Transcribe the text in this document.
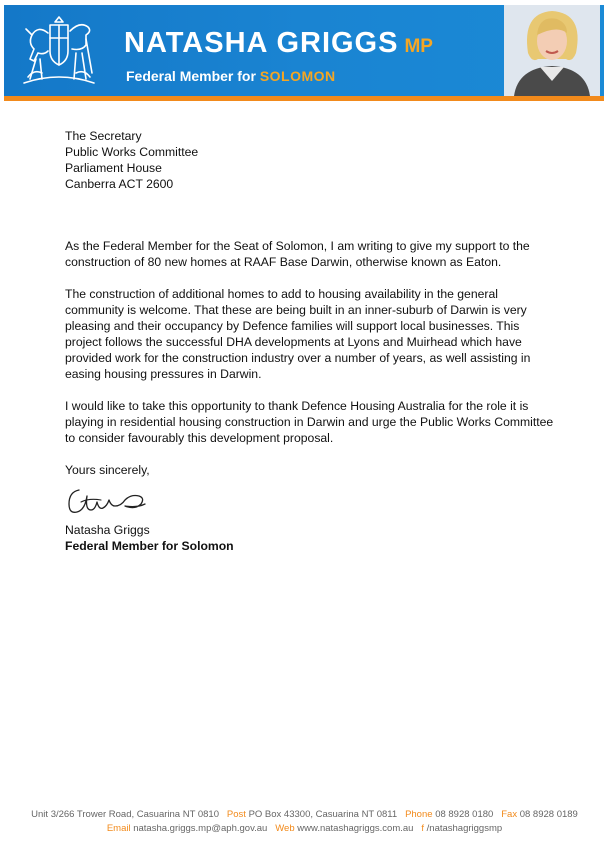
NATASHA GRIGGS MP
Federal Member for SOLOMON
The Secretary
Public Works Committee
Parliament House
Canberra ACT 2600

As the Federal Member for the Seat of Solomon, I am writing to give my support to the construction of 80 new homes at RAAF Base Darwin, otherwise known as Eaton.

The construction of additional homes to add to housing availability in the general community is welcome. That these are being built in an inner-suburb of Darwin is very pleasing and their occupancy by Defence families will support local businesses. This project follows the successful DHA developments at Lyons and Muirhead which have provided work for the construction industry over a number of years, as well assisting in easing housing pressures in Darwin.

I would like to take this opportunity to thank Defence Housing Australia for the role it is playing in residential housing construction in Darwin and urge the Public Works Committee to consider favourably this development proposal.

Yours sincerely,
Natasha Griggs
Federal Member for Solomon
Unit 3/266 Trower Road, Casuarina NT 0810 Post PO Box 43300, Casuarina NT 0811 Phone 08 8928 0180 Fax 08 8928 0189
Email natasha.griggs.mp@aph.gov.au Web www.natashagriggs.com.au f /natashagriggsmp
